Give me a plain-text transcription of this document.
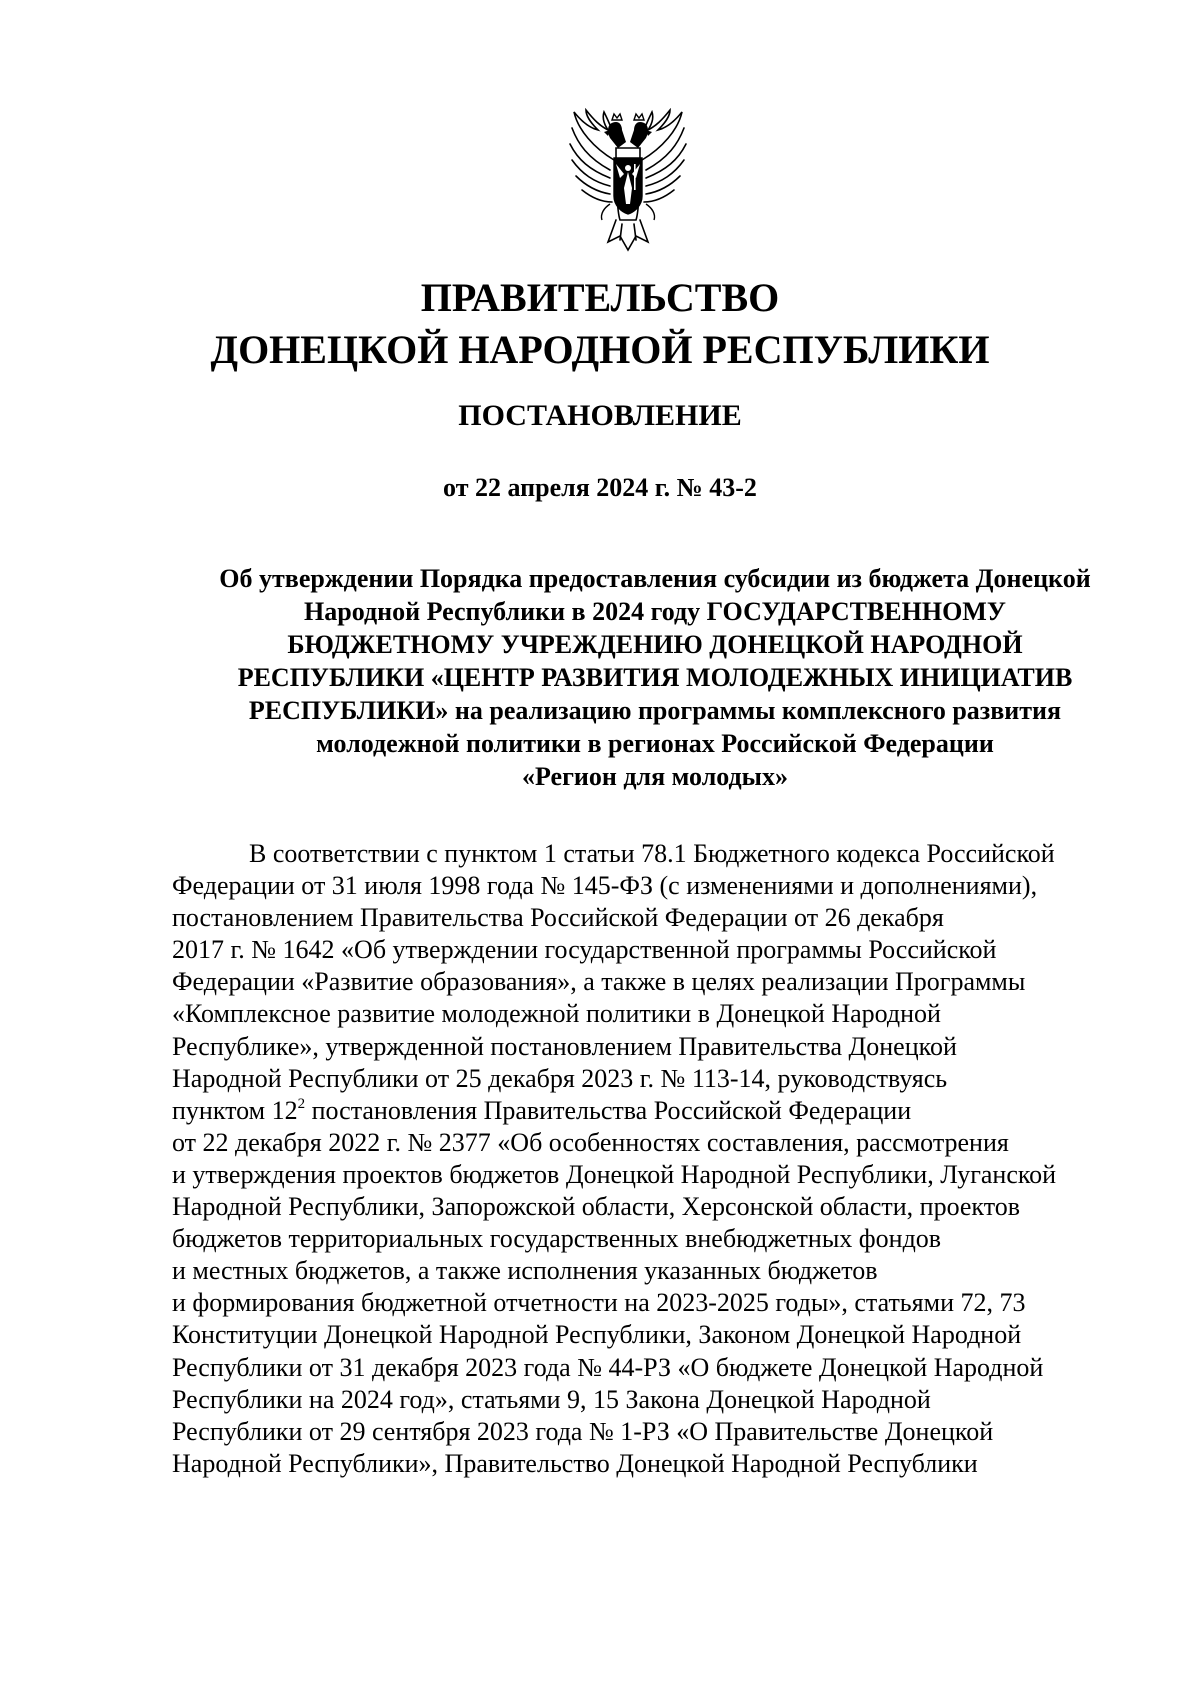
ПРАВИТЕЛЬСТВО
ДОНЕЦКОЙ НАРОДНОЙ РЕСПУБЛИКИ
ПОСТАНОВЛЕНИЕ
от 22 апреля 2024 г. № 43-2
Об утверждении Порядка предоставления субсидии из бюджета Донецкой
Народной Республики в 2024 году ГОСУДАРСТВЕННОМУ
БЮДЖЕТНОМУ УЧРЕЖДЕНИЮ ДОНЕЦКОЙ НАРОДНОЙ
РЕСПУБЛИКИ «ЦЕНТР РАЗВИТИЯ МОЛОДЕЖНЫХ ИНИЦИАТИВ
РЕСПУБЛИКИ» на реализацию программы комплексного развития
молодежной политики в регионах Российской Федерации
«Регион для молодых»
В соответствии с пунктом 1 статьи 78.1 Бюджетного кодекса Российской
Федерации от 31 июля 1998 года № 145-ФЗ (с изменениями и дополнениями),
постановлением Правительства Российской Федерации от 26 декабря
2017 г. № 1642 «Об утверждении государственной программы Российской
Федерации «Развитие образования», а также в целях реализации Программы
«Комплексное развитие молодежной политики в Донецкой Народной
Республике», утвержденной постановлением Правительства Донецкой
Народной Республики от 25 декабря 2023 г. № 113-14, руководствуясь
пунктом $12^2$ постановления Правительства Российской Федерации
от 22 декабря 2022 г. № 2377 «Об особенностях составления, рассмотрения
и утверждения проектов бюджетов Донецкой Народной Республики, Луганской
Народной Республики, Запорожской области, Херсонской области, проектов
бюджетов территориальных государственных внебюджетных фондов
и местных бюджетов, а также исполнения указанных бюджетов
и формирования бюджетной отчетности на 2023-2025 годы», статьями 72, 73
Конституции Донецкой Народной Республики, Законом Донецкой Народной
Республики от 31 декабря 2023 года № 44-РЗ «О бюджете Донецкой Народной
Республики на 2024 год», статьями 9, 15 Закона Донецкой Народной
Республики от 29 сентября 2023 года № 1-РЗ «О Правительстве Донецкой
Народной Республики», Правительство Донецкой Народной Республики
